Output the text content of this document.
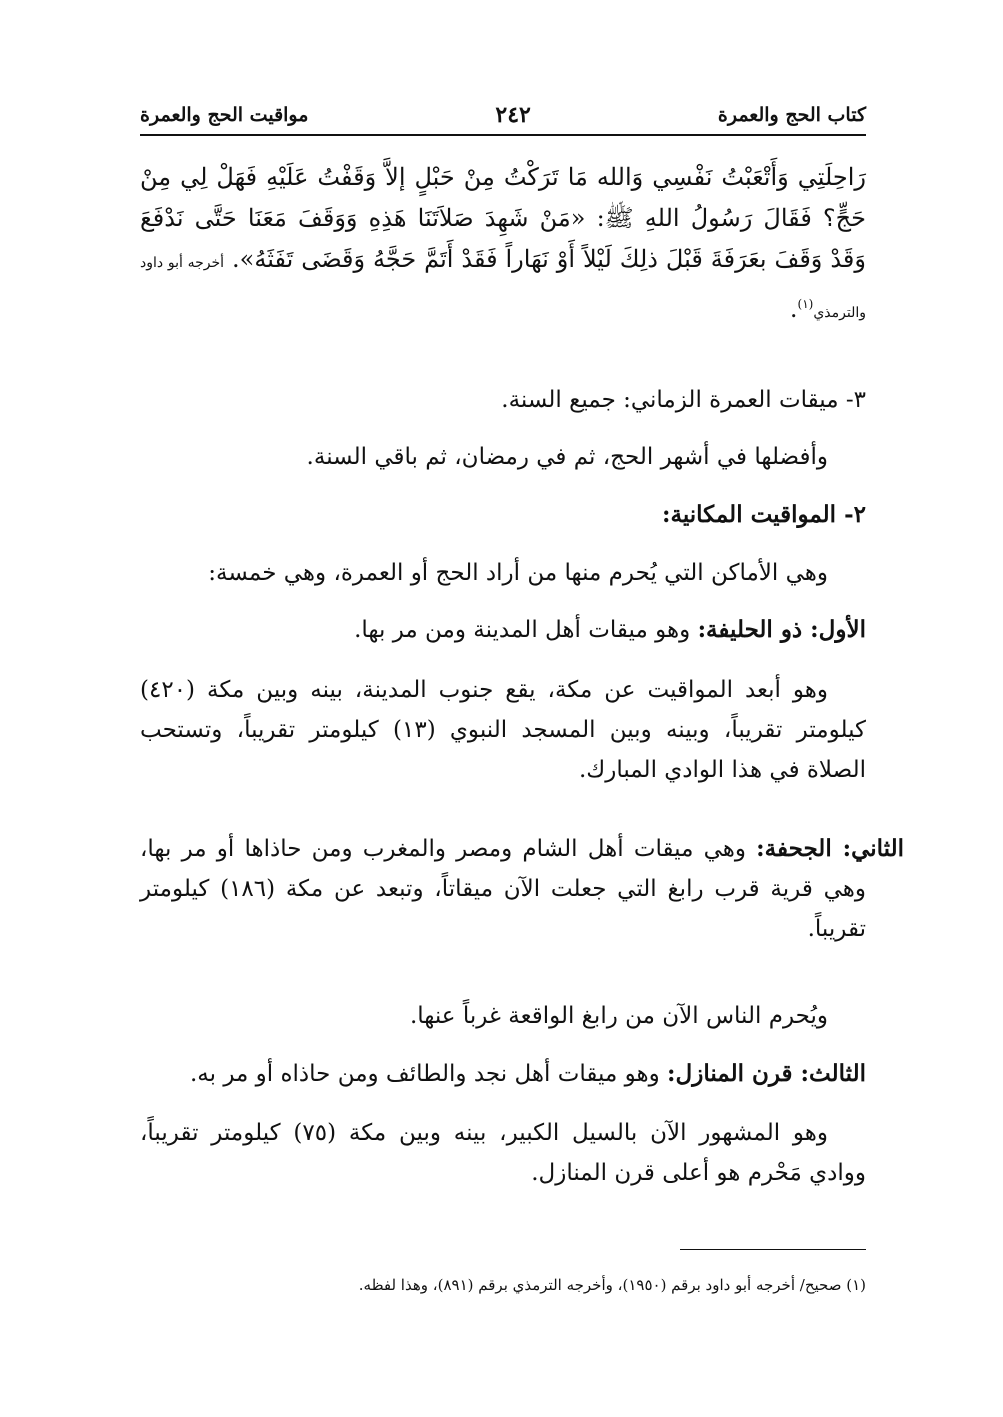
كتاب الحج والعمرة
٢٤٢
مواقيت الحج والعمرة

رَاحِلَتِي وَأَتْعَبْتُ نَفْسِي وَالله مَا تَرَكْتُ مِنْ حَبْلٍ إلاَّ وَقَفْتُ عَلَيْهِ فَهَلْ لِي مِنْ حَجٍّ؟ فَقَالَ رَسُولُ اللهِ ﷺ: «مَنْ شَهِدَ صَلاَتَنَا هَذِهِ وَوَقَفَ مَعَنَا حَتَّى نَدْفَعَ وَقَدْ وَقَفَ بعَرَفَةَ قَبْلَ ذلِكَ لَيْلاً أَوْ نَهَاراً فَقَدْ أَتَمَّ حَجَّهُ وَقَضَى تَفَثَهُ». أخرجه أبو داود والترمذي$^{(١)}$.

٣- ميقات العمرة الزماني: جميع السنة.

وأفضلها في أشهر الحج، ثم في رمضان، ثم باقي السنة.

٢- المواقيت المكانية:

وهي الأماكن التي يُحرم منها من أراد الحج أو العمرة، وهي خمسة:

الأول: ذو الحليفة: وهو ميقات أهل المدينة ومن مر بها.

وهو أبعد المواقيت عن مكة، يقع جنوب المدينة، بينه وبين مكة (٤٢٠) كيلومتر تقريباً، وبينه وبين المسجد النبوي (١٣) كيلومتر تقريباً، وتستحب الصلاة في هذا الوادي المبارك.

الثاني: الجحفة: وهي ميقات أهل الشام ومصر والمغرب ومن حاذاها أو مر بها، وهي قرية قرب رابغ التي جعلت الآن ميقاتاً، وتبعد عن مكة (١٨٦) كيلومتر تقريباً.

ويُحرم الناس الآن من رابغ الواقعة غرباً عنها.

الثالث: قرن المنازل: وهو ميقات أهل نجد والطائف ومن حاذاه أو مر به.

وهو المشهور الآن بالسيل الكبير، بينه وبين مكة (٧٥) كيلومتر تقريباً، ووادي مَحْرم هو أعلى قرن المنازل.

(١) صحيح/ أخرجه أبو داود برقم (١٩٥٠)، وأخرجه الترمذي برقم (٨٩١)، وهذا لفظه.
